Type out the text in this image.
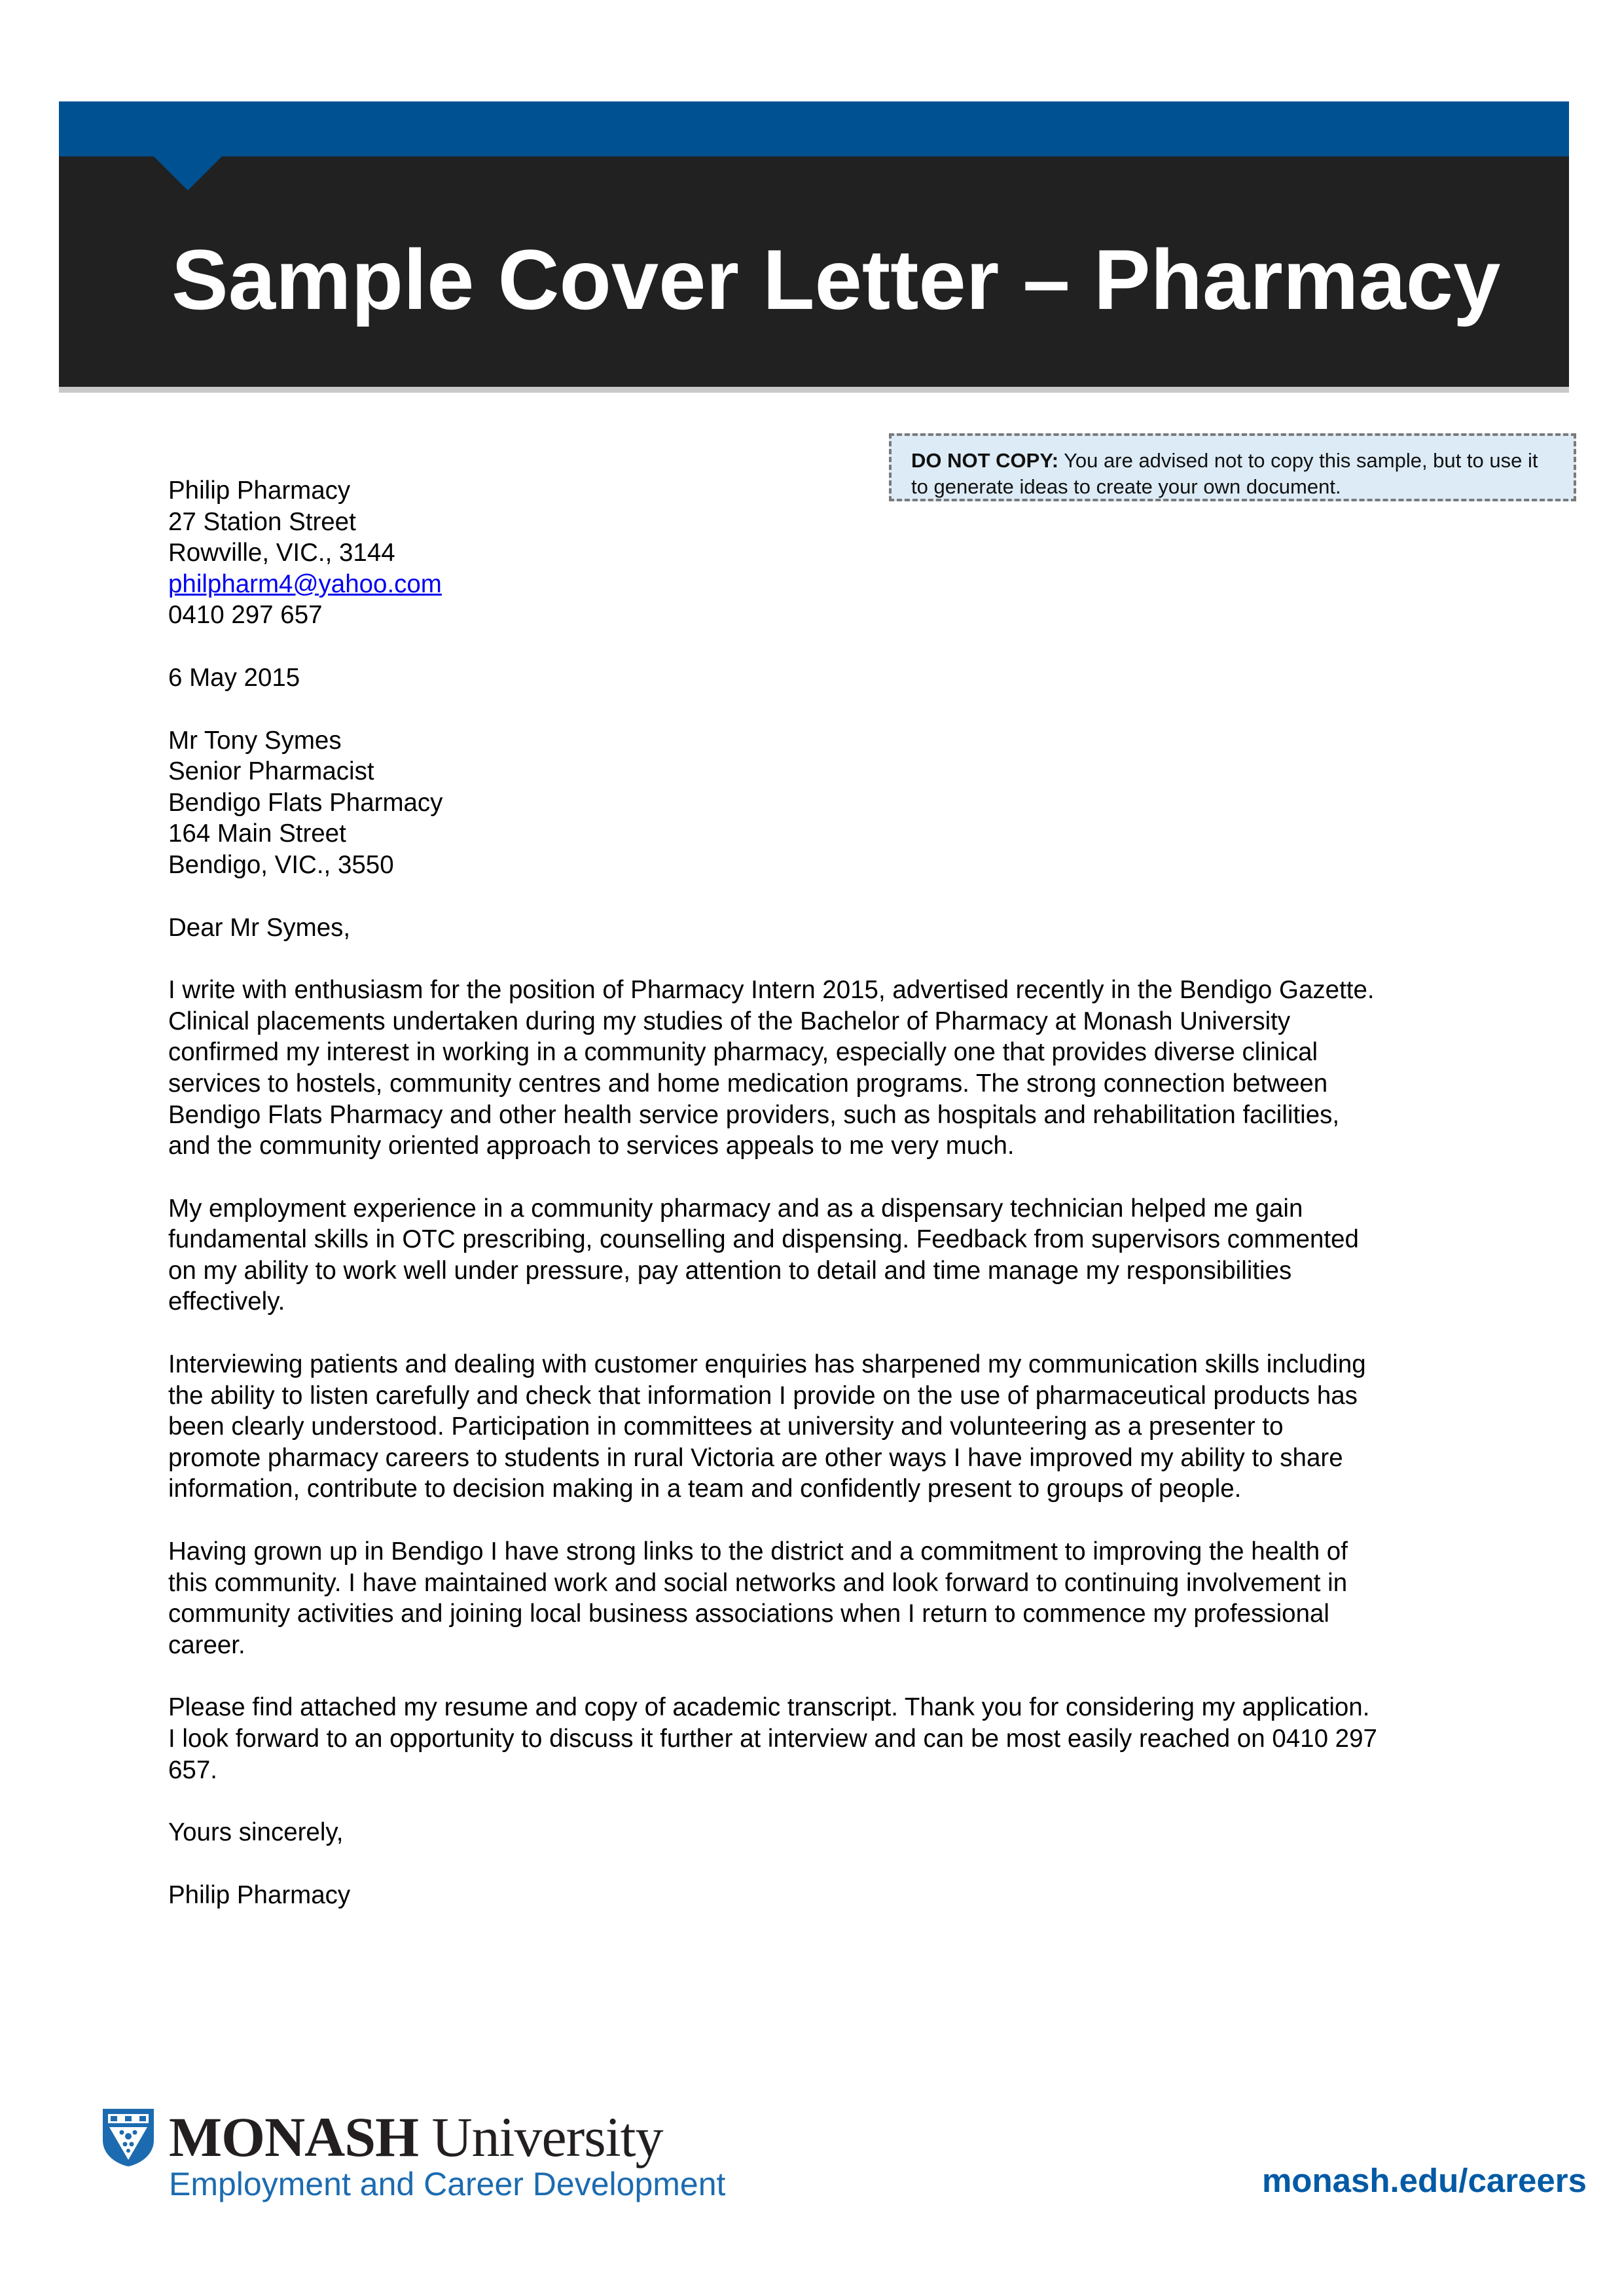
Sample Cover Letter – Pharmacy
DO NOT COPY: You are advised not to copy this sample, but to use it to generate ideas to create your own document.
Philip Pharmacy
27 Station Street
Rowville, VIC., 3144
philpharm4@yahoo.com
0410 297 657
6 May 2015
Mr Tony Symes
Senior Pharmacist
Bendigo Flats Pharmacy
164 Main Street
Bendigo, VIC., 3550
Dear Mr Symes,
I write with enthusiasm for the position of Pharmacy Intern 2015, advertised recently in the Bendigo Gazette.
Clinical placements undertaken during my studies of the Bachelor of Pharmacy at Monash University
confirmed my interest in working in a community pharmacy, especially one that provides diverse clinical
services to hostels, community centres and home medication programs. The strong connection between
Bendigo Flats Pharmacy and other health service providers, such as hospitals and rehabilitation facilities,
and the community oriented approach to services appeals to me very much.
My employment experience in a community pharmacy and as a dispensary technician helped me gain
fundamental skills in OTC prescribing, counselling and dispensing. Feedback from supervisors commented
on my ability to work well under pressure, pay attention to detail and time manage my responsibilities
effectively.
Interviewing patients and dealing with customer enquiries has sharpened my communication skills including
the ability to listen carefully and check that information I provide on the use of pharmaceutical products has
been clearly understood. Participation in committees at university and volunteering as a presenter to
promote pharmacy careers to students in rural Victoria are other ways I have improved my ability to share
information, contribute to decision making in a team and confidently present to groups of people.
Having grown up in Bendigo I have strong links to the district and a commitment to improving the health of
this community. I have maintained work and social networks and look forward to continuing involvement in
community activities and joining local business associations when I return to commence my professional
career.
Please find attached my resume and copy of academic transcript. Thank you for considering my application.
I look forward to an opportunity to discuss it further at interview and can be most easily reached on 0410 297
657.
Yours sincerely,
Philip Pharmacy
MONASH University
Employment and Career Development	monash.edu/careers
